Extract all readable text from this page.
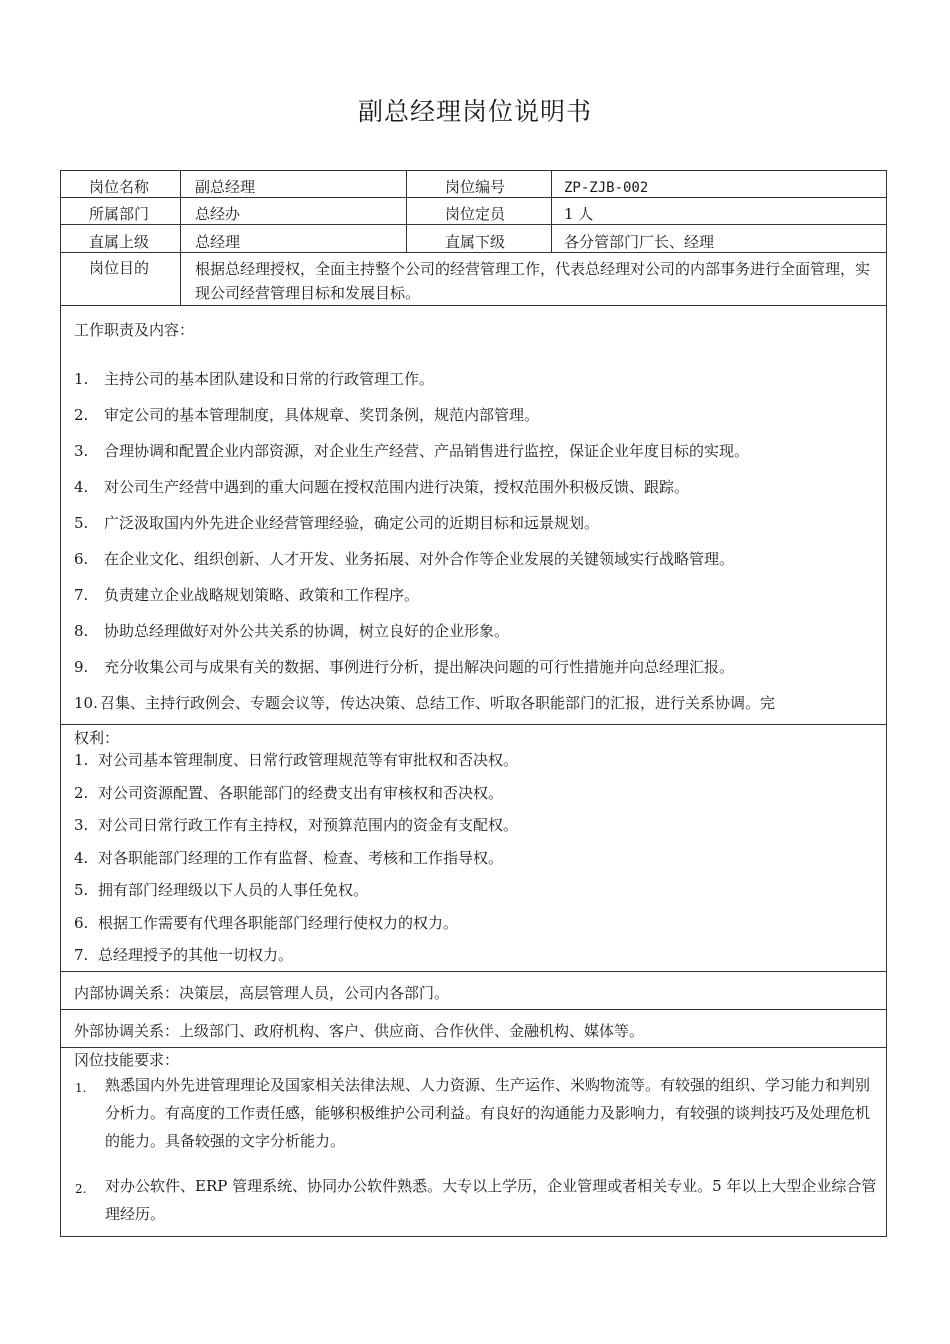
副总经理岗位说明书
岗位名称	副总经理	岗位编号	ZP-ZJB-002
所属部门	总经办	岗位定员	1 人
直属上级	总经理	直属下级	各分管部门厂长、经理
岗位目的	根据总经理授权，全面主持整个公司的经营管理工作，代表总经理对公司的内部事务进行全面管理，实现公司经营管理目标和发展目标。
工作职责及内容：
1. 主持公司的基本团队建设和日常的行政管理工作。
2. 审定公司的基本管理制度，具体规章、奖罚条例，规范内部管理。
3. 合理协调和配置企业内部资源，对企业生产经营、产品销售进行监控，保证企业年度目标的实现。
4. 对公司生产经营中遇到的重大问题在授权范围内进行决策，授权范围外积极反馈、跟踪。
5. 广泛汲取国内外先进企业经营管理经验，确定公司的近期目标和远景规划。
6. 在企业文化、组织创新、人才开发、业务拓展、对外合作等企业发展的关键领域实行战略管理。
7. 负责建立企业战略规划策略、政策和工作程序。
8. 协助总经理做好对外公共关系的协调，树立良好的企业形象。
9. 充分收集公司与成果有关的数据、事例进行分析，提出解决问题的可行性措施并向总经理汇报。
10. 召集、主持行政例会、专题会议等，传达决策、总结工作、听取各职能部门的汇报，进行关系协调。完
权利：
1. 对公司基本管理制度、日常行政管理规范等有审批权和否决权。
2. 对公司资源配置、各职能部门的经费支出有审核权和否决权。
3. 对公司日常行政工作有主持权，对预算范围内的资金有支配权。
4. 对各职能部门经理的工作有监督、检查、考核和工作指导权。
5. 拥有部门经理级以下人员的人事任免权。
6. 根据工作需要有代理各职能部门经理行使权力的权力。
7. 总经理授予的其他一切权力。
内部协调关系：决策层，高层管理人员，公司内各部门。
外部协调关系：上级部门、政府机构、客户、供应商、合作伙伴、金融机构、媒体等。
冈位技能要求：
1. 熟悉国内外先进管理理论及国家相关法律法规、人力资源、生产运作、米购物流等。有较强的组织、学习能力和判别分析力。有高度的工作责任感，能够积极维护公司利益。有良好的沟通能力及影响力，有较强的谈判技巧及处理危机的能力。具备较强的文字分析能力。
2. 对办公软件、ERP 管理系统、协同办公软件熟悉。大专以上学历，企业管理或者相关专业。5 年以上大型企业综合管理经历。
